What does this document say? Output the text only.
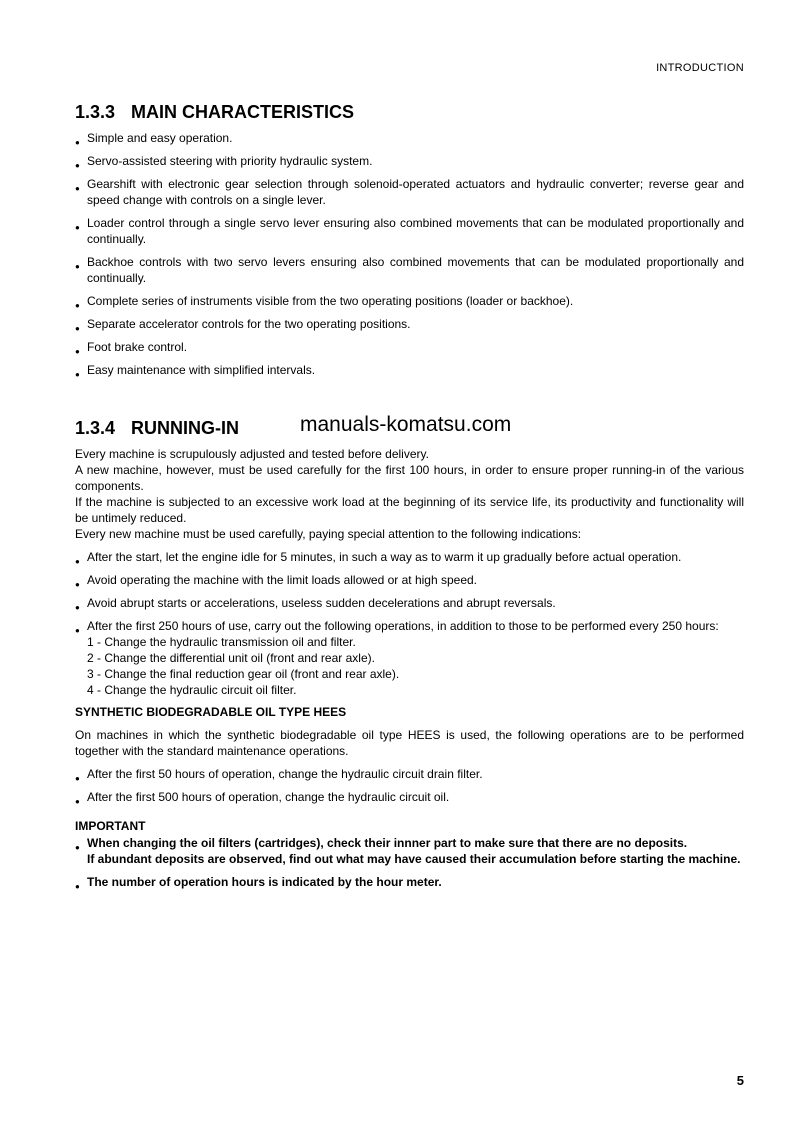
INTRODUCTION
1.3.3 MAIN CHARACTERISTICS
● Simple and easy operation.
● Servo-assisted steering with priority hydraulic system.
● Gearshift with electronic gear selection through solenoid-operated actuators and hydraulic converter; reverse gear and speed change with controls on a single lever.
● Loader control through a single servo lever ensuring also combined movements that can be modulated proportionally and continually.
● Backhoe controls with two servo levers ensuring also combined movements that can be modulated proportionally and continually.
● Complete series of instruments visible from the two operating positions (loader or backhoe).
● Separate accelerator controls for the two operating positions.
● Foot brake control.
● Easy maintenance with simplified intervals.
1.3.4 RUNNING-IN
Every machine is scrupulously adjusted and tested before delivery.
A new machine, however, must be used carefully for the first 100 hours, in order to ensure proper running-in of the various components.
If the machine is subjected to an excessive work load at the beginning of its service life, its productivity and functionality will be untimely reduced.
Every new machine must be used carefully, paying special attention to the following indications:
● After the start, let the engine idle for 5 minutes, in such a way as to warm it up gradually before actual operation.
● Avoid operating the machine with the limit loads allowed or at high speed.
● Avoid abrupt starts or accelerations, useless sudden decelerations and abrupt reversals.
● After the first 250 hours of use, carry out the following operations, in addition to those to be performed every 250 hours:
1 - Change the hydraulic transmission oil and filter.
2 - Change the differential unit oil (front and rear axle).
3 - Change the final reduction gear oil (front and rear axle).
4 - Change the hydraulic circuit oil filter.
SYNTHETIC BIODEGRADABLE OIL TYPE HEES
On machines in which the synthetic biodegradable oil type HEES is used, the following operations are to be performed together with the standard maintenance operations.
● After the first 50 hours of operation, change the hydraulic circuit drain filter.
● After the first 500 hours of operation, change the hydraulic circuit oil.
IMPORTANT
● When changing the oil filters (cartridges), check their innner part to make sure that there are no deposits.
If abundant deposits are observed, find out what may have caused their accumulation before starting the machine.
● The number of operation hours is indicated by the hour meter.
manuals-komatsu.com
5
